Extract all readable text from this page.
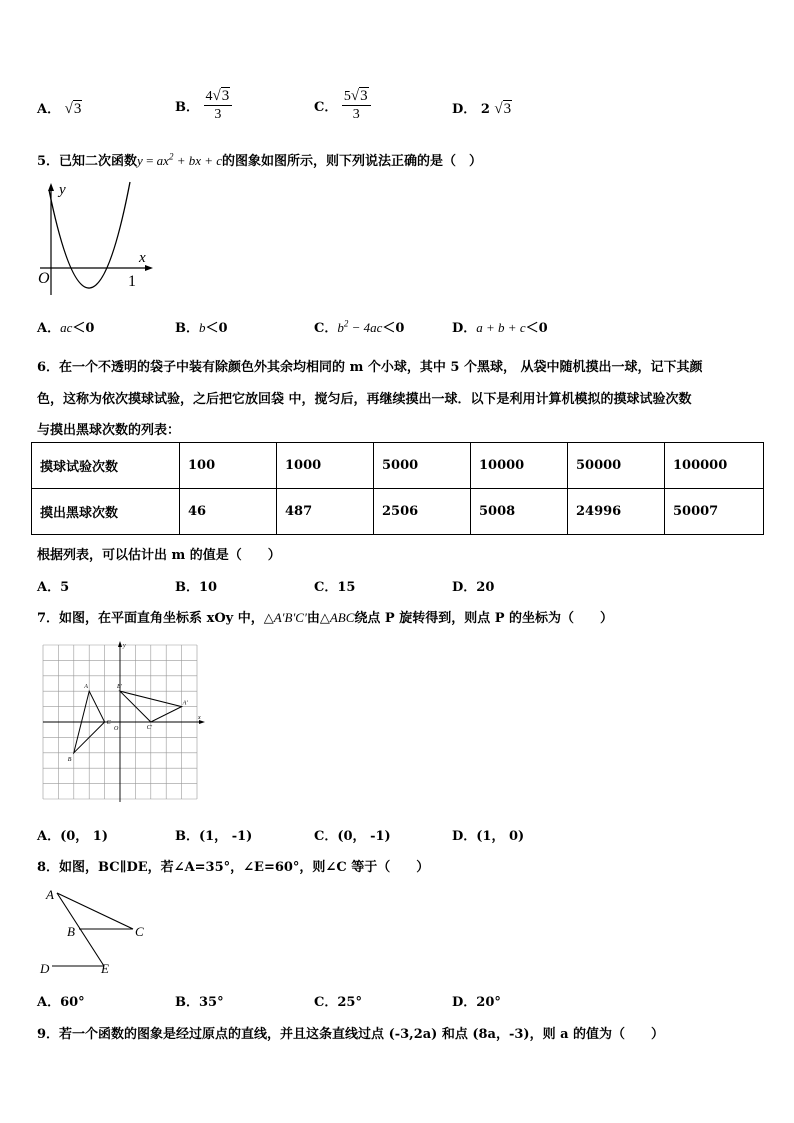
A． √3	B． $\frac{4√3}{3}$	C． $\frac{5√3}{3}$	D． 2 √3
5．已知二次函数$y = ax^2$ + bx + c的图象如图所示，则下列说法正确的是（　）
y
x
O	1
A．ac＜0	B．b＜0	C．$b^2 - 4ac<0$	D．a + b + c＜0
6．在一个不透明的袋子中装有除颜色外其余均相同的 m 个小球，其中 5 个黑球， 从袋中随机摸出一球，记下其颜
色，这称为依次摸球试验，之后把它放回袋 中，搅匀后，再继续摸出一球．以下是利用计算机模拟的摸球试验次数
与摸出黑球次数的列表：
摸球试验次数	100	1000	5000	10000	50000	100000
摸出黑球次数	46	487	2506	5008	24996	50007
根据列表，可以估计出 m 的值是（　　）
A．5	B．10	C．15	D．20
7．如图，在平面直角坐标系 xOy 中，△A′B′C′由△ABC绕点 P 旋转得到，则点 P 的坐标为（　　）
A
B
C
A'
B'
C'
O
x
y
A．(0， 1)	B．(1， -1)	C．(0， -1)	D．(1， 0)
8．如图，BC∥DE，若∠A=35°，∠E=60°，则∠C 等于（　　）
A
B	C
D	E
A．60°	B．35°	C．25°	D．20°
9．若一个函数的图象是经过原点的直线，并且这条直线过点 (-3,2a) 和点 (8a，-3)，则 a 的值为（　　）
